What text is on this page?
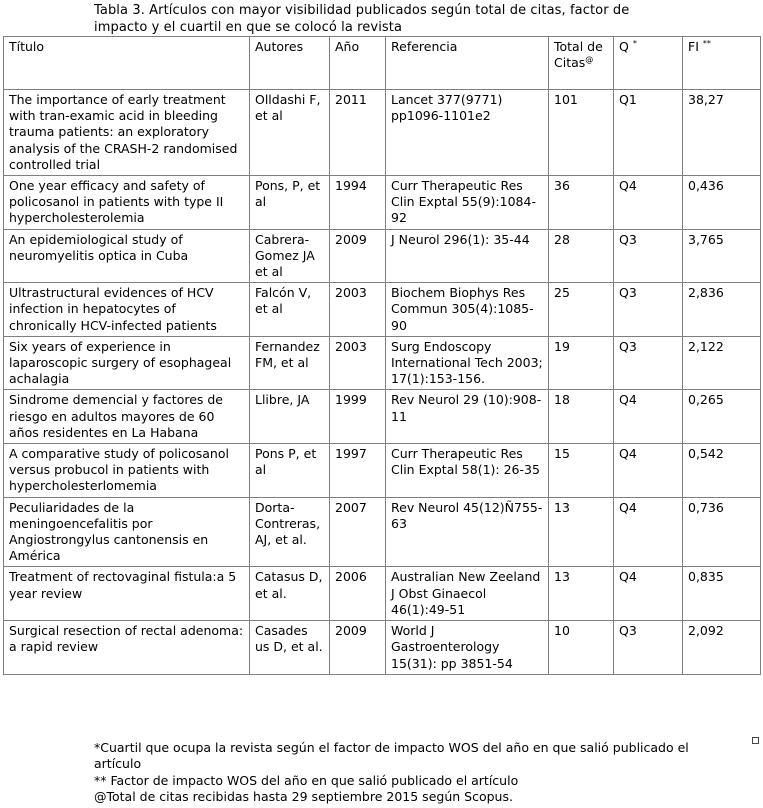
Tabla 3. Artículos con mayor visibilidad publicados según total de citas, factor de impacto y el cuartil en que se colocó la revista
Título	Autores	Año	Referencia	Total de Citas@	Q *	FI **
The importance of early treatment with tran-examic acid in bleeding trauma patients: an exploratory analysis of the CRASH-2 randomised controlled trial	Olldashi F, et al	2011	Lancet 377(9771) pp1096-1101e2	101	Q1	38,27
One year efficacy and safety of policosanol in patients with type II hypercholesterolemia	Pons, P, et al	1994	Curr Therapeutic Res Clin Exptal 55(9):1084-92	36	Q4	0,436
An epidemiological study of neuromyelitis optica in Cuba	Cabrera-Gomez JA et al	2009	J Neurol 296(1): 35-44	28	Q3	3,765
Ultrastructural evidences of HCV infection in hepatocytes of chronically HCV-infected patients	Falcón V, et al	2003	Biochem Biophys Res Commun 305(4):1085-90	25	Q3	2,836
Six years of experience in laparoscopic surgery of esophageal achalagia	Fernandez FM, et al	2003	Surg Endoscopy International Tech 2003; 17(1):153-156.	19	Q3	2,122
Sindrome demencial y factores de riesgo en adultos mayores de 60 años residentes en La Habana	Llibre, JA	1999	Rev Neurol 29 (10):908-11	18	Q4	0,265
A comparative study of policosanol versus probucol in patients with hypercholesterlomemia	Pons P, et al	1997	Curr Therapeutic Res Clin Exptal 58(1): 26-35	15	Q4	0,542
Peculiaridades de la meningoencefalitis por Angiostrongylus cantonensis en América	Dorta-Contreras, AJ, et al.	2007	Rev Neurol 45(12)Ñ755-63	13	Q4	0,736
Treatment of rectovaginal fistula:a 5 year review	Catasus D, et al.	2006	Australian New Zeeland J Obst Ginaecol 46(1):49-51	13	Q4	0,835
Surgical resection of rectal adenoma: a rapid review	Casades us D, et al.	2009	World J Gastroenterology 15(31): pp 3851-54	10	Q3	2,092
*Cuartil que ocupa la revista según el factor de impacto WOS del año en que salió publicado el artículo
** Factor de impacto WOS del año en que salió publicado el artículo
@Total de citas recibidas hasta 29 septiembre 2015 según Scopus.
